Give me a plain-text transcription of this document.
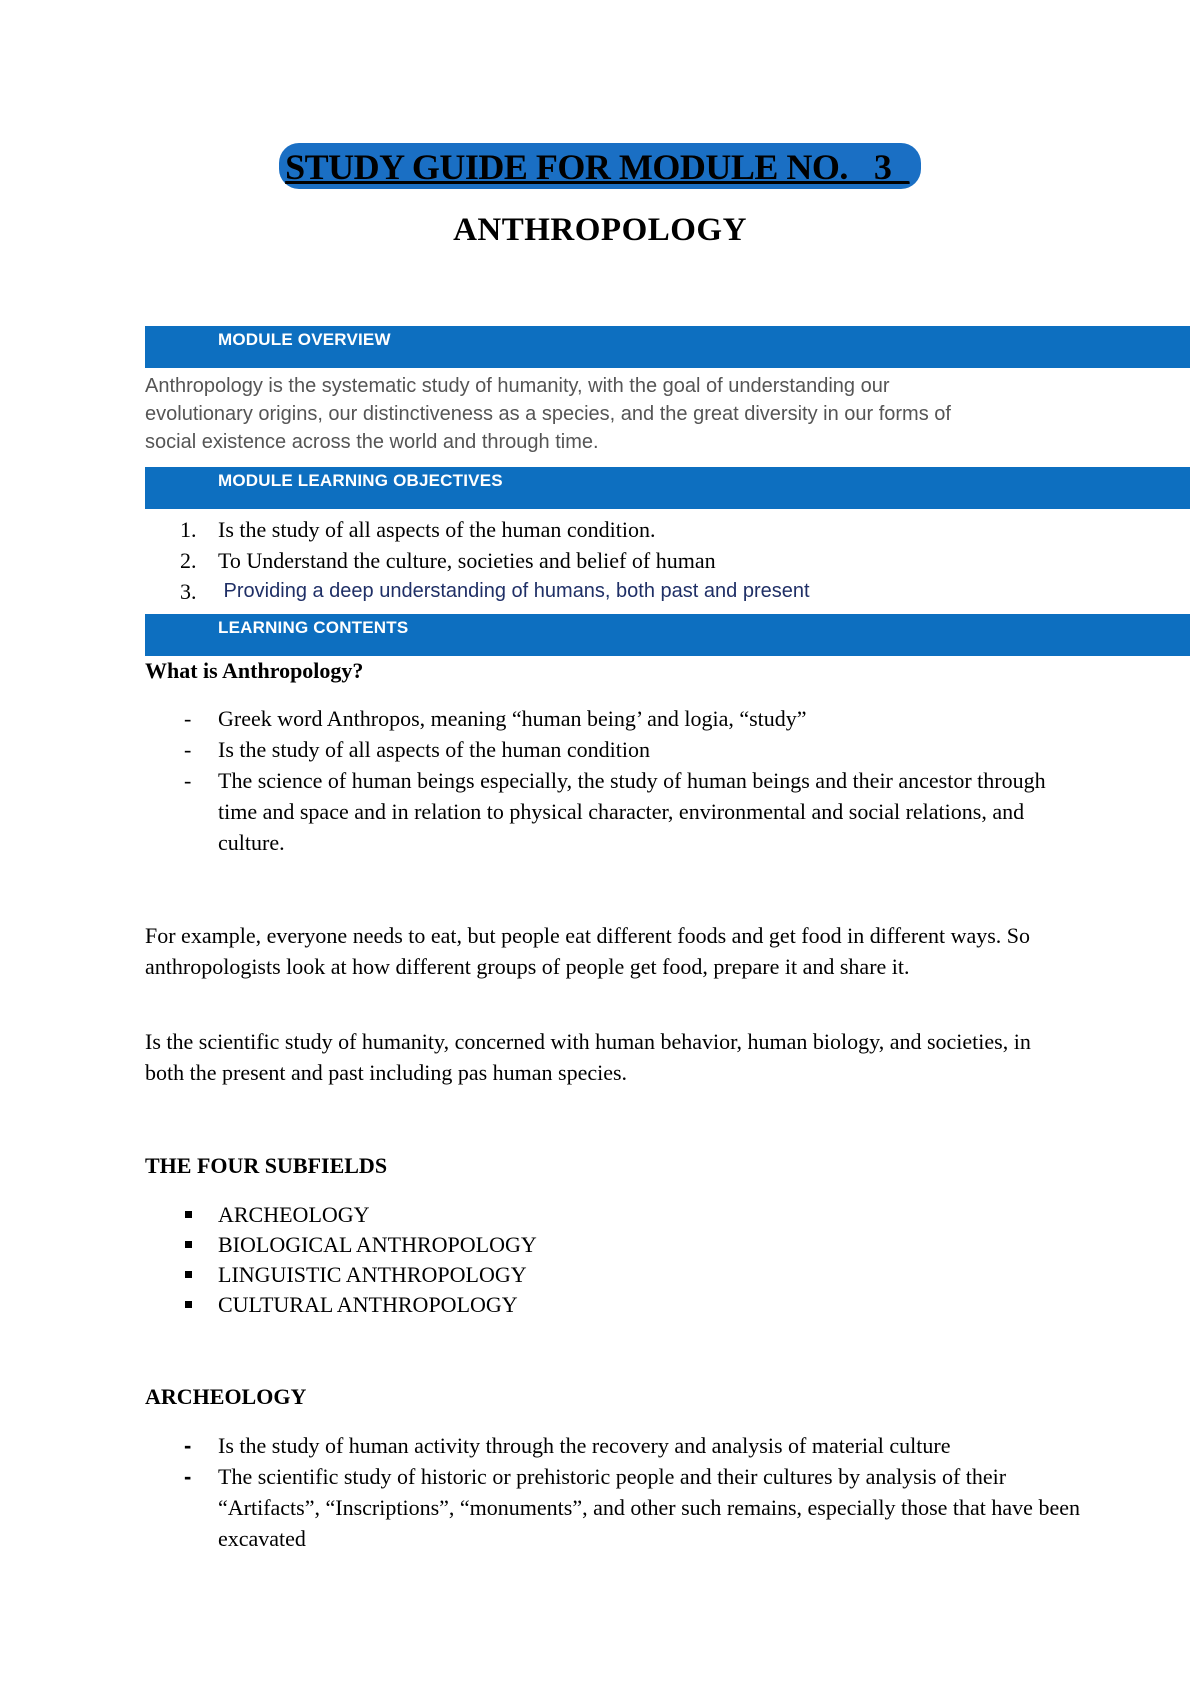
STUDY GUIDE FOR MODULE NO. _3_
ANTHROPOLOGY
MODULE OVERVIEW
Anthropology is the systematic study of humanity, with the goal of understanding our
evolutionary origins, our distinctiveness as a species, and the great diversity in our forms of
social existence across the world and through time.
MODULE LEARNING OBJECTIVES
1. Is the study of all aspects of the human condition.
2. To Understand the culture, societies and belief of human
3. Providing a deep understanding of humans, both past and present
LEARNING CONTENTS
What is Anthropology?
- Greek word Anthropos, meaning “human being’ and logia, “study”
- Is the study of all aspects of the human condition
- The science of human beings especially, the study of human beings and their ancestor through time and space and in relation to physical character, environmental and social relations, and culture.
For example, everyone needs to eat, but people eat different foods and get food in different ways. So anthropologists look at how different groups of people get food, prepare it and share it.
Is the scientific study of humanity, concerned with human behavior, human biology, and societies, in both the present and past including pas human species.
THE FOUR SUBFIELDS
ARCHEOLOGY
BIOLOGICAL ANTHROPOLOGY
LINGUISTIC ANTHROPOLOGY
CULTURAL ANTHROPOLOGY
ARCHEOLOGY
- Is the study of human activity through the recovery and analysis of material culture
- The scientific study of historic or prehistoric people and their cultures by analysis of their “Artifacts”, “Inscriptions”, “monuments”, and other such remains, especially those that have been excavated
